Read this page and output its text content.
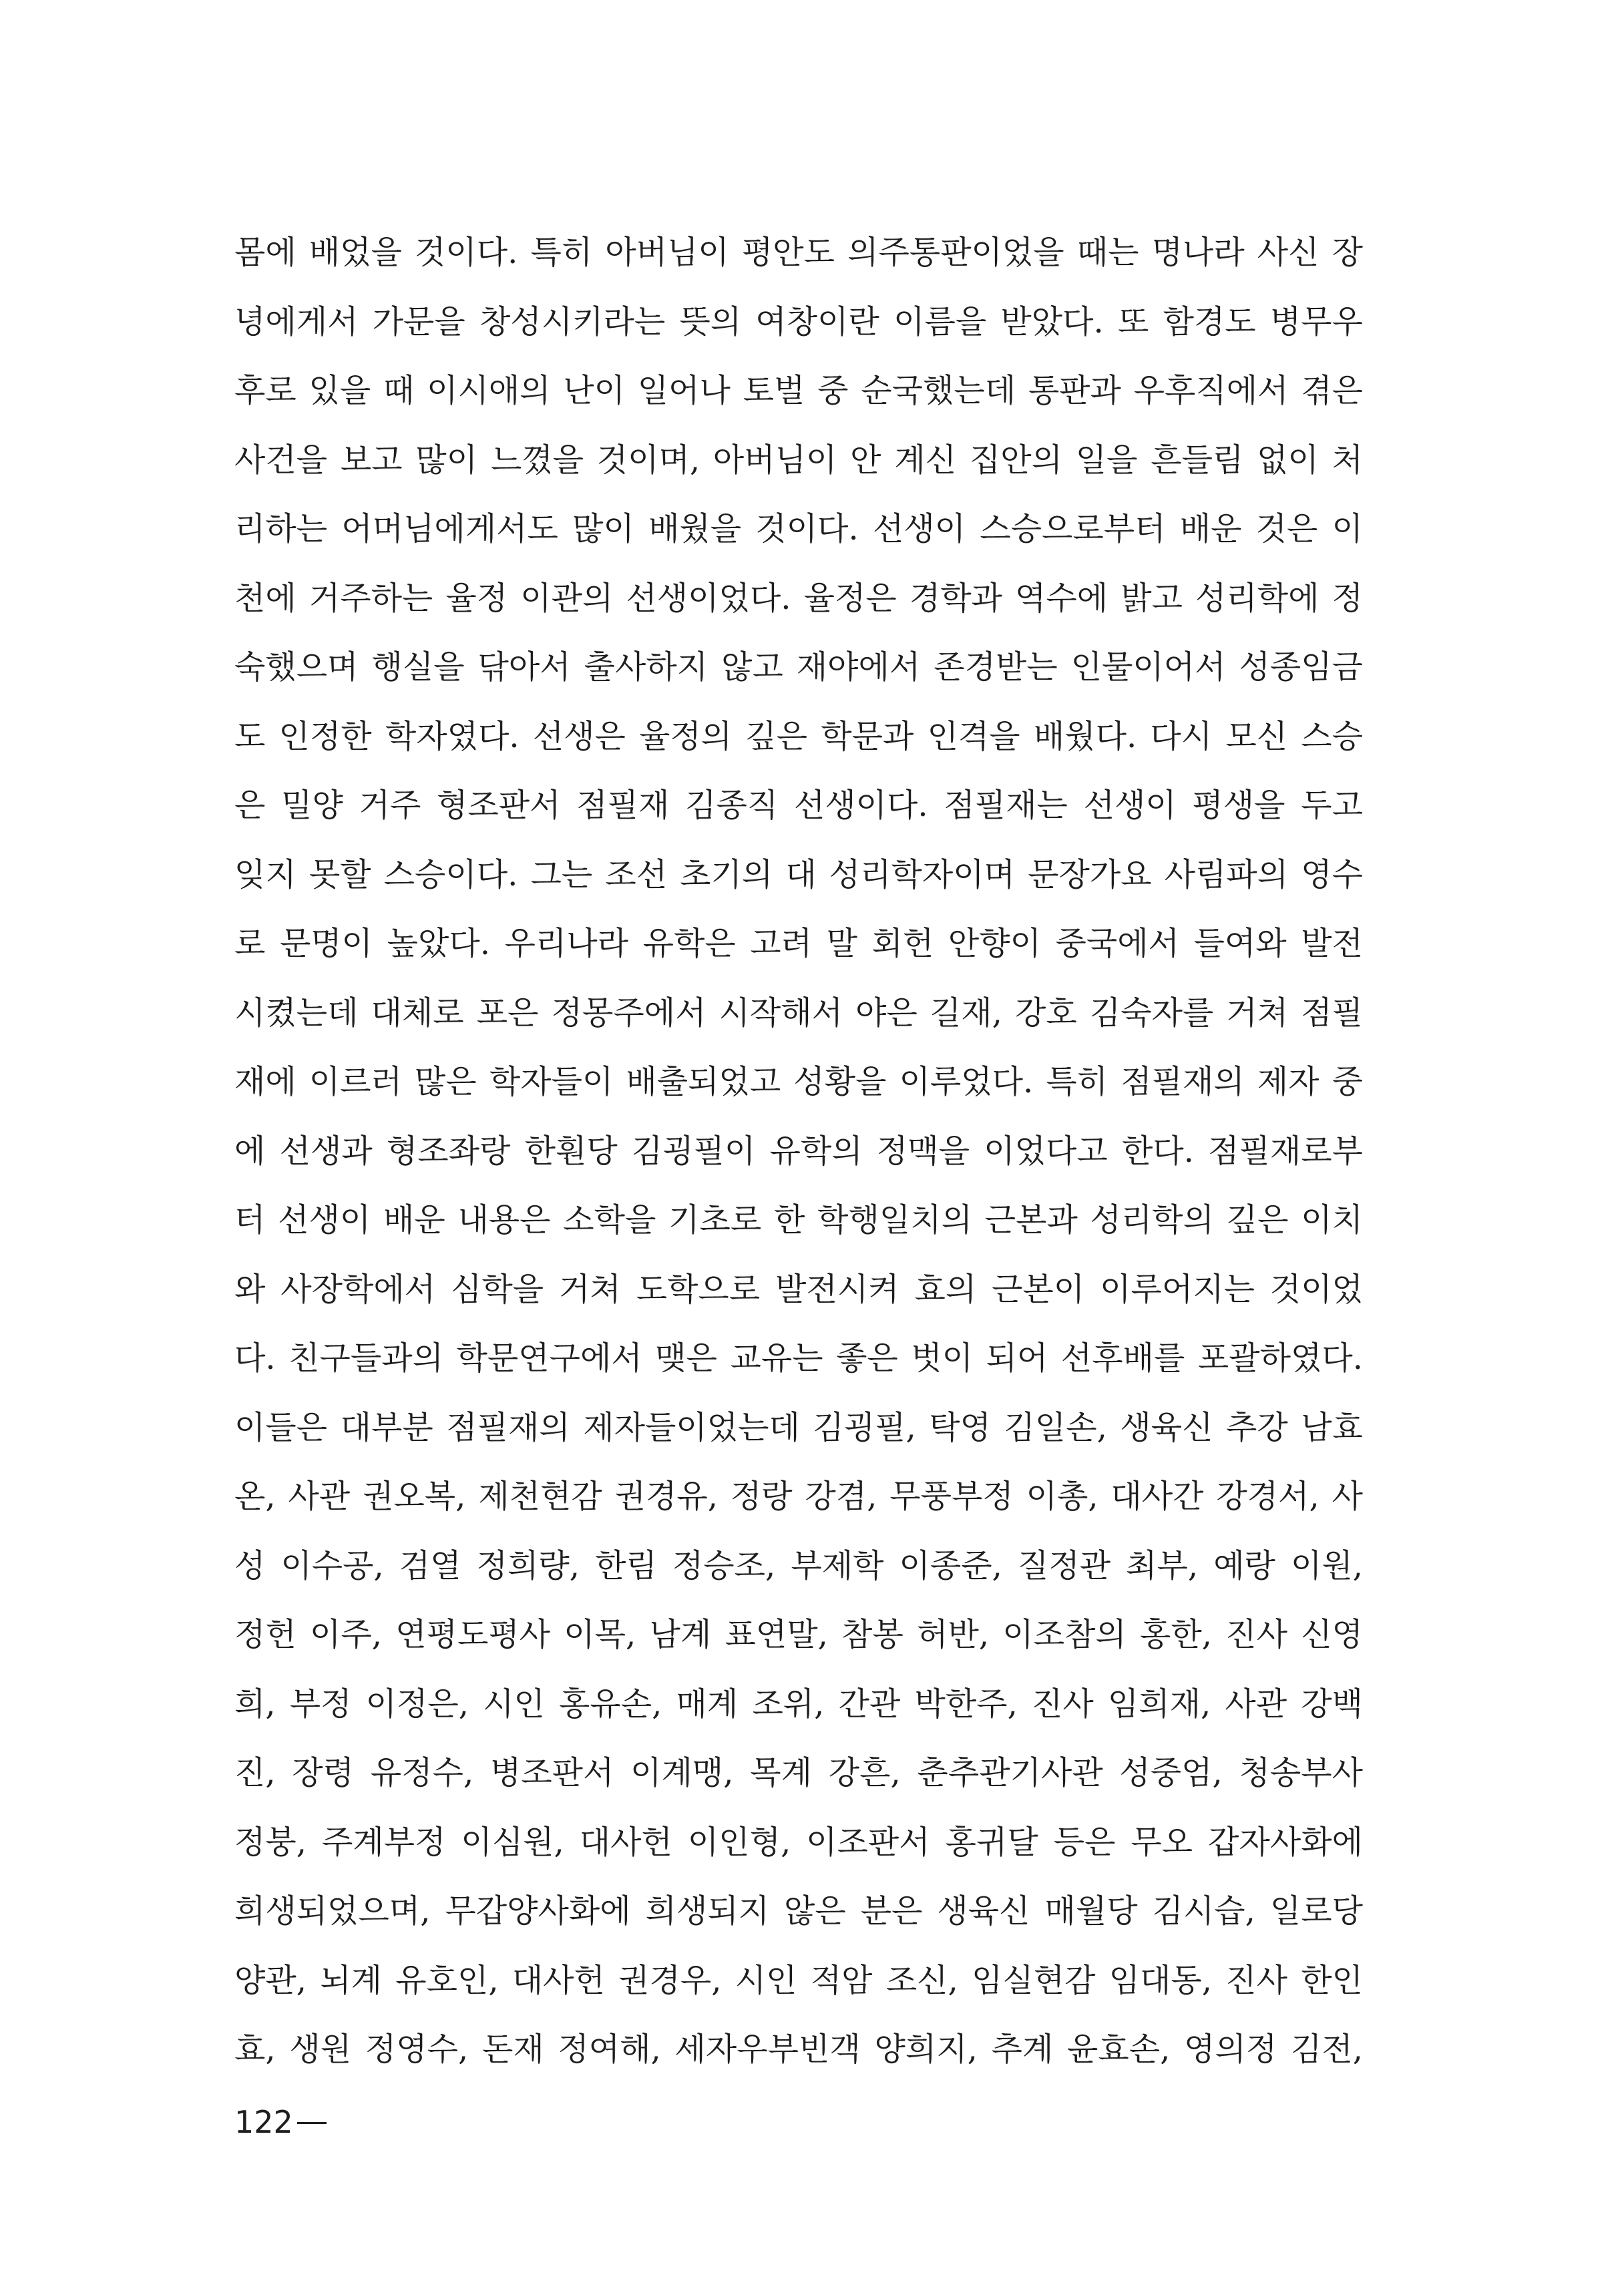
몸에 배었을 것이다. 특히 아버님이 평안도 의주통판이었을 때는 명나라 사신 장
녕에게서 가문을 창성시키라는 뜻의 여창이란 이름을 받았다. 또 함경도 병무우
후로 있을 때 이시애의 난이 일어나 토벌 중 순국했는데 통판과 우후직에서 겪은
사건을 보고 많이 느꼈을 것이며, 아버님이 안 계신 집안의 일을 흔들림 없이 처
리하는 어머님에게서도 많이 배웠을 것이다. 선생이 스승으로부터 배운 것은 이
천에 거주하는 율정 이관의 선생이었다. 율정은 경학과 역수에 밝고 성리학에 정
숙했으며 행실을 닦아서 출사하지 않고 재야에서 존경받는 인물이어서 성종임금
도 인정한 학자였다. 선생은 율정의 깊은 학문과 인격을 배웠다. 다시 모신 스승
은 밀양 거주 형조판서 점필재 김종직 선생이다. 점필재는 선생이 평생을 두고
잊지 못할 스승이다. 그는 조선 초기의 대 성리학자이며 문장가요 사림파의 영수
로 문명이 높았다. 우리나라 유학은 고려 말 회헌 안향이 중국에서 들여와 발전
시켰는데 대체로 포은 정몽주에서 시작해서 야은 길재, 강호 김숙자를 거쳐 점필
재에 이르러 많은 학자들이 배출되었고 성황을 이루었다. 특히 점필재의 제자 중
에 선생과 형조좌랑 한훤당 김굉필이 유학의 정맥을 이었다고 한다. 점필재로부
터 선생이 배운 내용은 소학을 기초로 한 학행일치의 근본과 성리학의 깊은 이치
와 사장학에서 심학을 거쳐 도학으로 발전시켜 효의 근본이 이루어지는 것이었
다. 친구들과의 학문연구에서 맺은 교유는 좋은 벗이 되어 선후배를 포괄하였다.
이들은 대부분 점필재의 제자들이었는데 김굉필, 탁영 김일손, 생육신 추강 남효
온, 사관 권오복, 제천현감 권경유, 정랑 강겸, 무풍부정 이총, 대사간 강경서, 사
성 이수공, 검열 정희량, 한림 정승조, 부제학 이종준, 질정관 최부, 예랑 이원,
정헌 이주, 연평도평사 이목, 남계 표연말, 참봉 허반, 이조참의 홍한, 진사 신영
희, 부정 이정은, 시인 홍유손, 매계 조위, 간관 박한주, 진사 임희재, 사관 강백
진, 장령 유정수, 병조판서 이계맹, 목계 강흔, 춘추관기사관 성중엄, 청송부사
정붕, 주계부정 이심원, 대사헌 이인형, 이조판서 홍귀달 등은 무오 갑자사화에
희생되었으며, 무갑양사화에 희생되지 않은 분은 생육신 매월당 김시습, 일로당
양관, 뇌계 유호인, 대사헌 권경우, 시인 적암 조신, 임실현감 임대동, 진사 한인
효, 생원 정영수, 돈재 정여해, 세자우부빈객 양희지, 추계 윤효손, 영의정 김전,
122
